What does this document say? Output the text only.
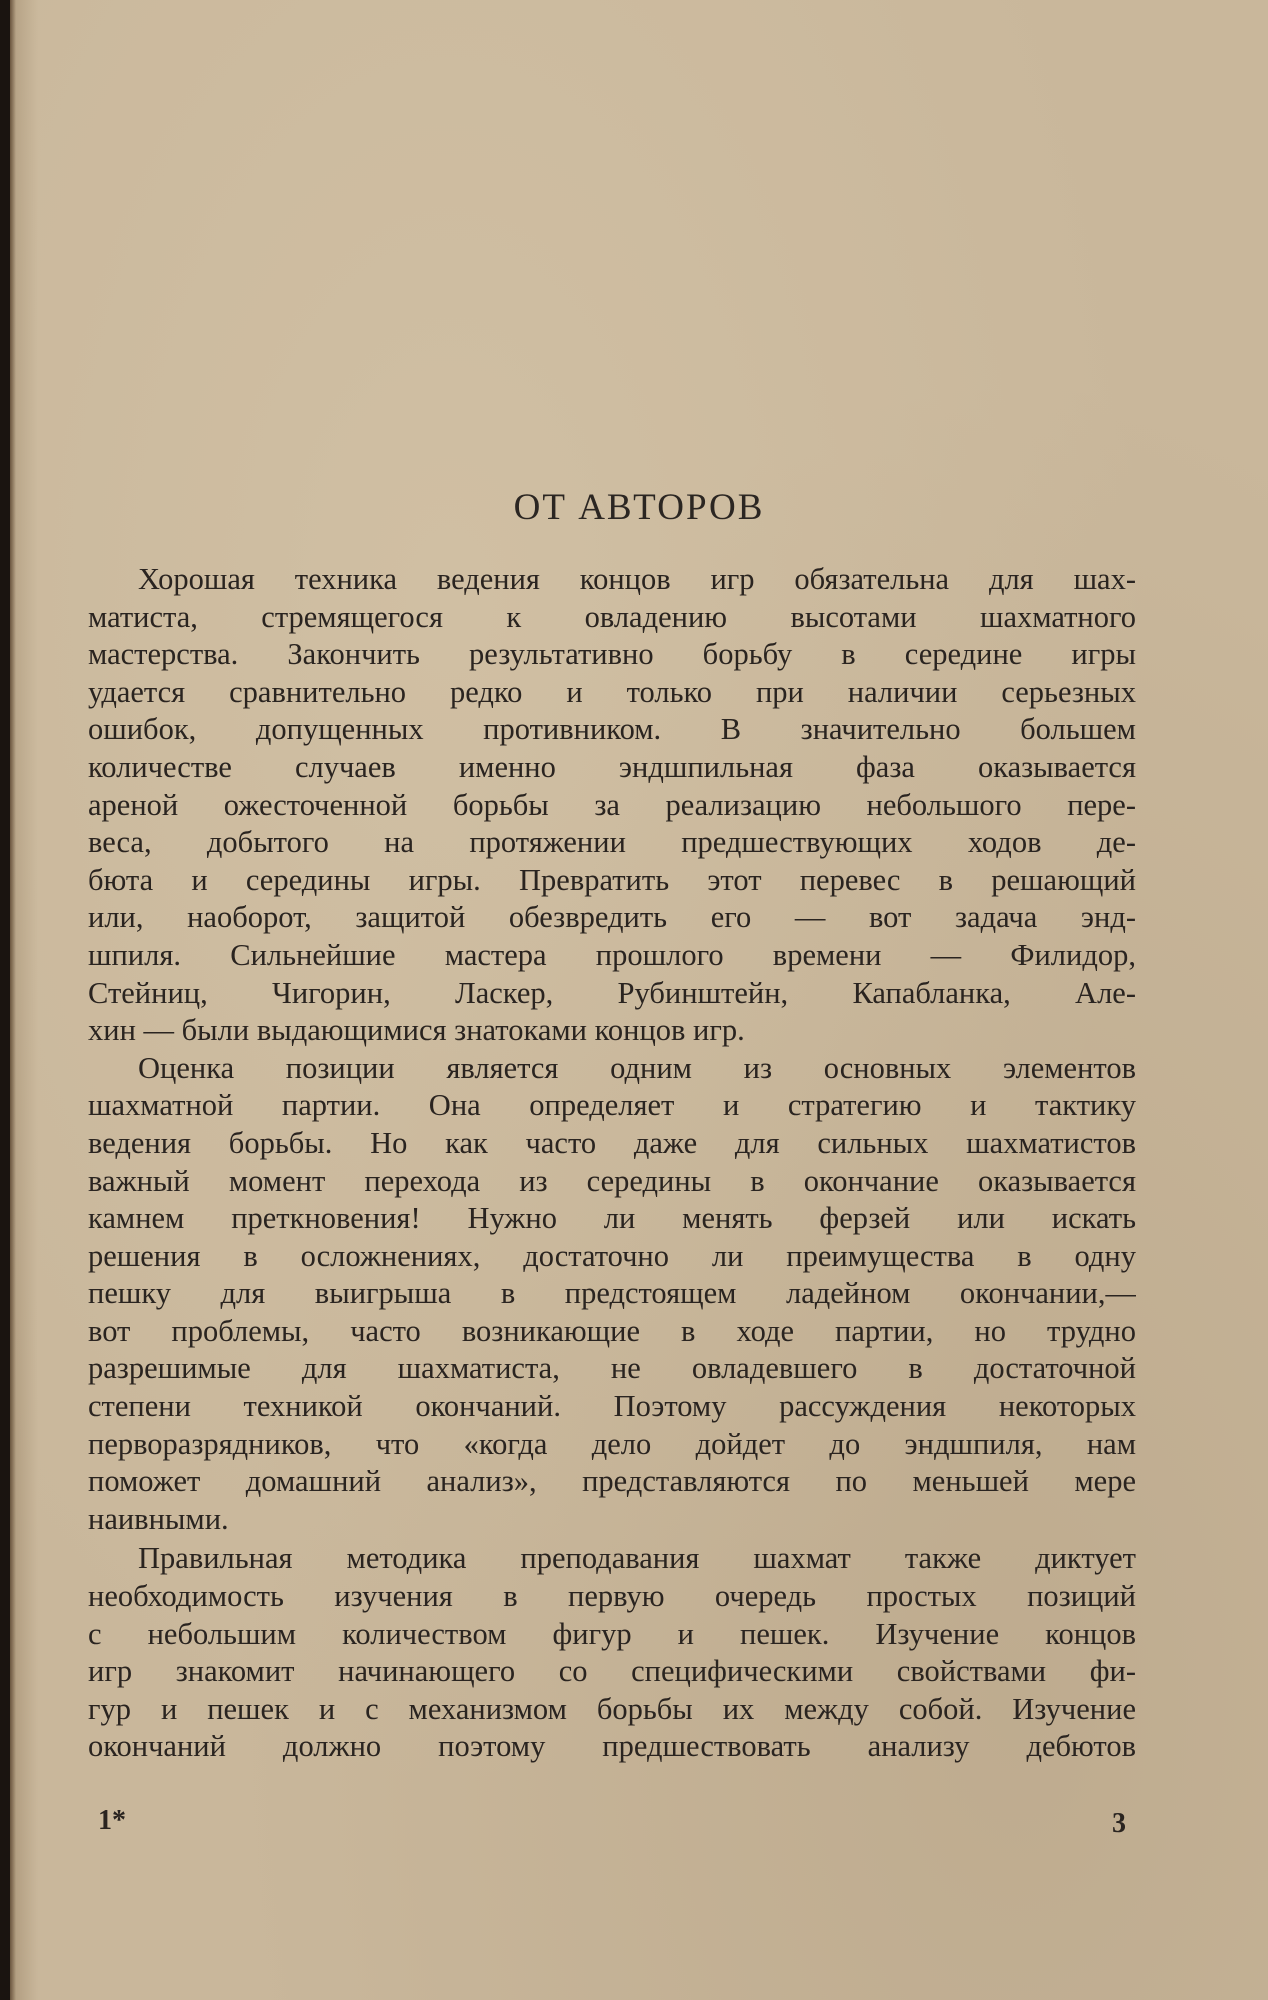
ОТ АВТОРОВ

Хорошая техника ведения концов игр обязательна для шах-
матиста, стремящегося к овладению высотами шахматного
мастерства. Закончить результативно борьбу в середине игры
удается сравнительно редко и только при наличии серьезных
ошибок, допущенных противником. В значительно большем
количестве случаев именно эндшпильная фаза оказывается
ареной ожесточенной борьбы за реализацию небольшого пере-
веса, добытого на протяжении предшествующих ходов де-
бюта и середины игры. Превратить этот перевес в решающий
или, наоборот, защитой обезвредить его — вот задача энд-
шпиля. Сильнейшие мастера прошлого времени — Филидор,
Стейниц, Чигорин, Ласкер, Рубинштейн, Капабланка, Але-
хин — были выдающимися знатоками концов игр.

Оценка позиции является одним из основных элементов
шахматной партии. Она определяет и стратегию и тактику
ведения борьбы. Но как часто даже для сильных шахматистов
важный момент перехода из середины в окончание оказывается
камнем преткновения! Нужно ли менять ферзей или искать
решения в осложнениях, достаточно ли преимущества в одну
пешку для выигрыша в предстоящем ладейном окончании,—
вот проблемы, часто возникающие в ходе партии, но трудно
разрешимые для шахматиста, не овладевшего в достаточной
степени техникой окончаний. Поэтому рассуждения некоторых
перворазрядников, что «когда дело дойдет до эндшпиля, нам
поможет домашний анализ», представляются по меньшей мере
наивными.

Правильная методика преподавания шахмат также диктует
необходимость изучения в первую очередь простых позиций
с небольшим количеством фигур и пешек. Изучение концов
игр знакомит начинающего со специфическими свойствами фи-
гур и пешек и с механизмом борьбы их между собой. Изучение
окончаний должно поэтому предшествовать анализу дебютов

1*	3
